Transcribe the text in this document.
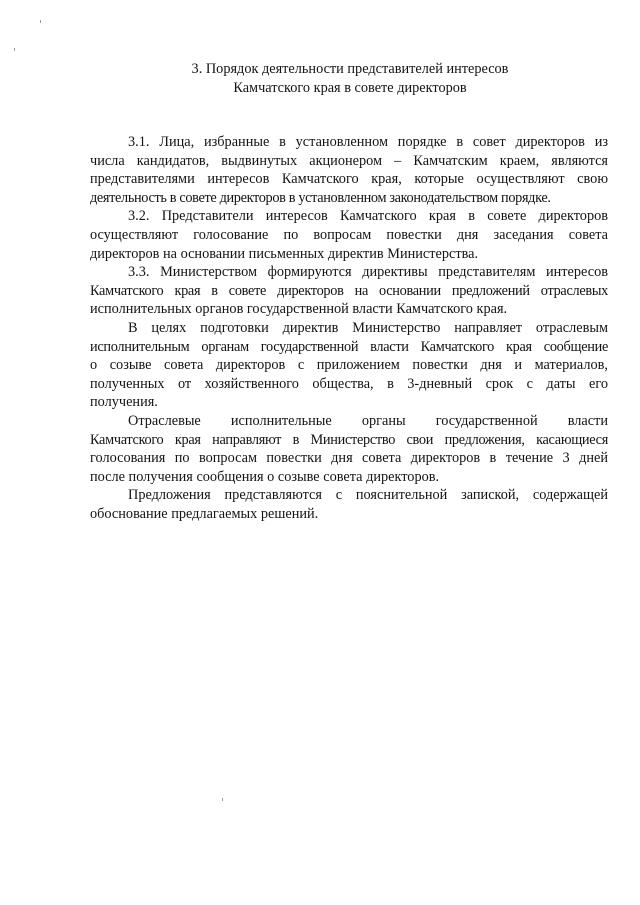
3. Порядок деятельности представителей интересов
Камчатского края в совете директоров
3.1. Лица, избранные в установленном порядке в совет директоров из
числа кандидатов, выдвинутых акционером – Камчатским краем, являются
представителями интересов Камчатского края, которые осуществляют свою
деятельность в совете директоров в установленном законодательством порядке.
3.2. Представители интересов Камчатского края в совете директоров
осуществляют голосование по вопросам повестки дня заседания совета
директоров на основании письменных директив Министерства.
3.3. Министерством формируются директивы представителям интересов
Камчатского края в совете директоров на основании предложений отраслевых
исполнительных органов государственной власти Камчатского края.
В целях подготовки директив Министерство направляет отраслевым
исполнительным органам государственной власти Камчатского края сообщение
о созыве совета директоров с приложением повестки дня и материалов,
полученных от хозяйственного общества, в 3-дневный срок с даты его
получения.
Отраслевые исполнительные органы государственной власти
Камчатского края направляют в Министерство свои предложения, касающиеся
голосования по вопросам повестки дня совета директоров в течение 3 дней
после получения сообщения о созыве совета директоров.
Предложения представляются с пояснительной запиской, содержащей
обоснование предлагаемых решений.
